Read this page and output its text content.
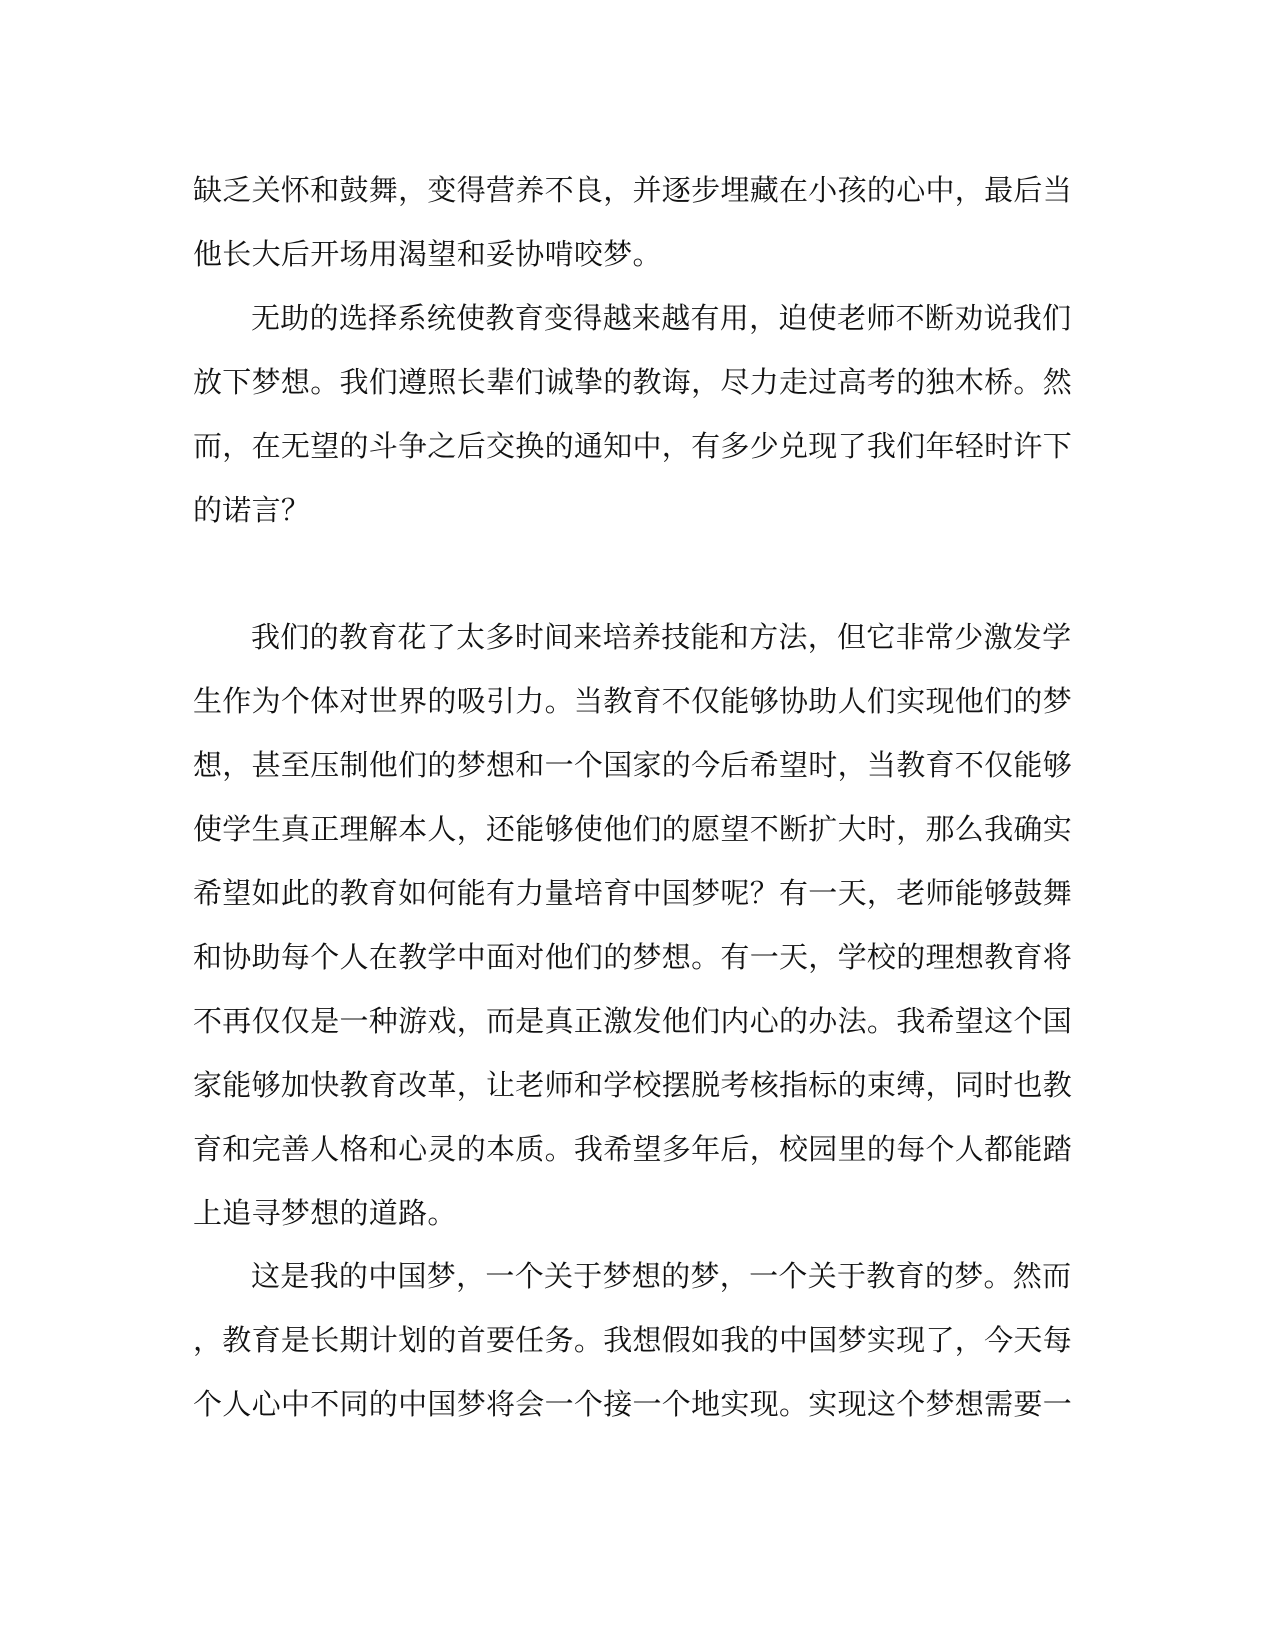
缺乏关怀和鼓舞，变得营养不良，并逐步埋藏在小孩的心中，最后当
他长大后开场用渴望和妥协啃咬梦。

无助的选择系统使教育变得越来越有用，迫使老师不断劝说我们
放下梦想。我们遵照长辈们诚挚的教诲，尽力走过高考的独木桥。然
而，在无望的斗争之后交换的通知中，有多少兑现了我们年轻时许下
的诺言？

我们的教育花了太多时间来培养技能和方法，但它非常少激发学
生作为个体对世界的吸引力。当教育不仅能够协助人们实现他们的梦
想，甚至压制他们的梦想和一个国家的今后希望时，当教育不仅能够
使学生真正理解本人，还能够使他们的愿望不断扩大时，那么我确实
希望如此的教育如何能有力量培育中国梦呢？有一天，老师能够鼓舞
和协助每个人在教学中面对他们的梦想。有一天，学校的理想教育将
不再仅仅是一种游戏，而是真正激发他们内心的办法。我希望这个国
家能够加快教育改革，让老师和学校摆脱考核指标的束缚，同时也教
育和完善人格和心灵的本质。我希望多年后，校园里的每个人都能踏
上追寻梦想的道路。

这是我的中国梦，一个关于梦想的梦，一个关于教育的梦。然而
，教育是长期计划的首要任务。我想假如我的中国梦实现了，今天每
个人心中不同的中国梦将会一个接一个地实现。实现这个梦想需要一
